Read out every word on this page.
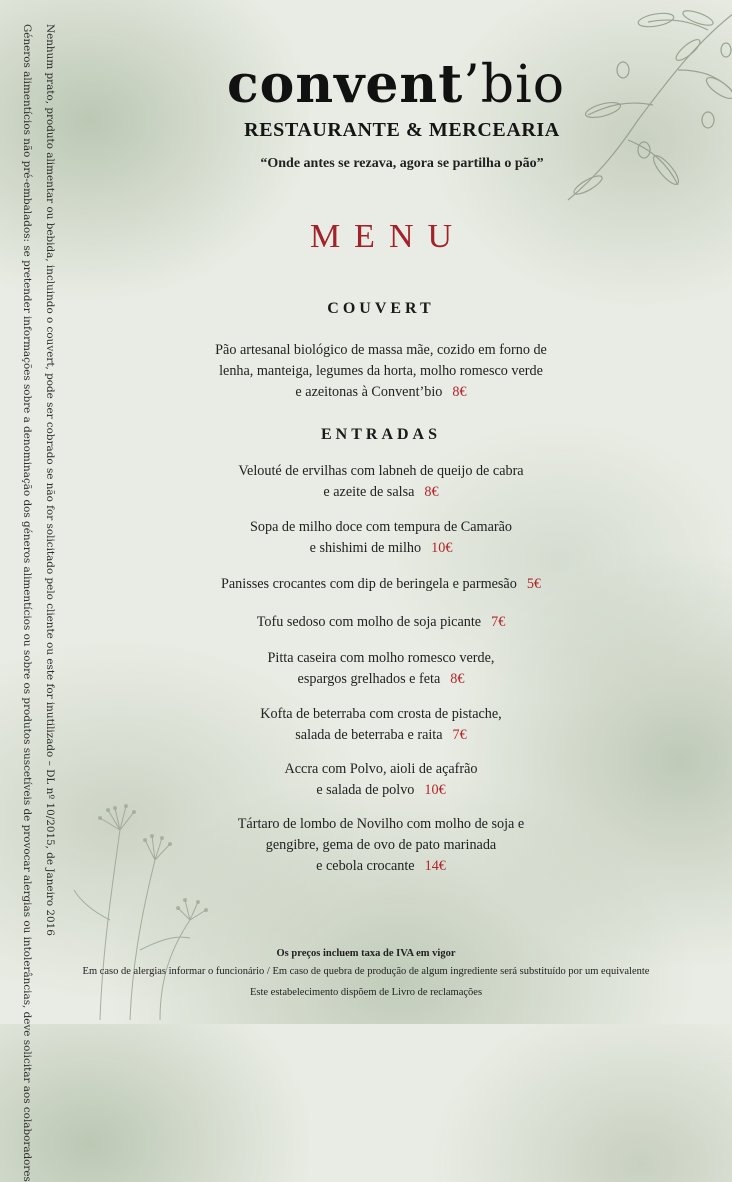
Nenhum prato, produto alimentar ou bebida, incluindo o couvert, pode ser cobrado se não for solicitado pelo cliente ou este for inutilizado – DL nº 10/2015, de Janeiro 2016
Géneros alimentícios não pré-embalados: se pretender informações sobre a denominação dos géneros alimentícios ou sobre os produtos suscetíveis de provocar alergias ou intolerâncias, deve solicitar aos colaboradores	convent’bio
RESTAURANTE & MERCEARIA
“Onde antes se rezava, agora se partilha o pão”
MENU
COUVERT
Pão artesanal biológico de massa mãe, cozido em forno de
lenha, manteiga, legumes da horta, molho romesco verde
e azeitonas à Convent’bio 8€
ENTRADAS
Velouté de ervilhas com labneh de queijo de cabra
e azeite de salsa 8€
Sopa de milho doce com tempura de Camarão
e shishimi de milho 10€
Panisses crocantes com dip de beringela e parmesão 5€
Tofu sedoso com molho de soja picante 7€
Pitta caseira com molho romesco verde,
espargos grelhados e feta 8€
Kofta de beterraba com crosta de pistache,
salada de beterraba e raita 7€
Accra com Polvo, aioli de açafrão
e salada de polvo 10€
Tártaro de lombo de Novilho com molho de soja e
gengibre, gema de ovo de pato marinada
e cebola crocante 14€
Os preços incluem taxa de IVA em vigor
Em caso de alergias informar o funcionário / Em caso de quebra de produção de algum ingrediente será substituído por um equivalente
Este estabelecimento dispõem de Livro de reclamações
